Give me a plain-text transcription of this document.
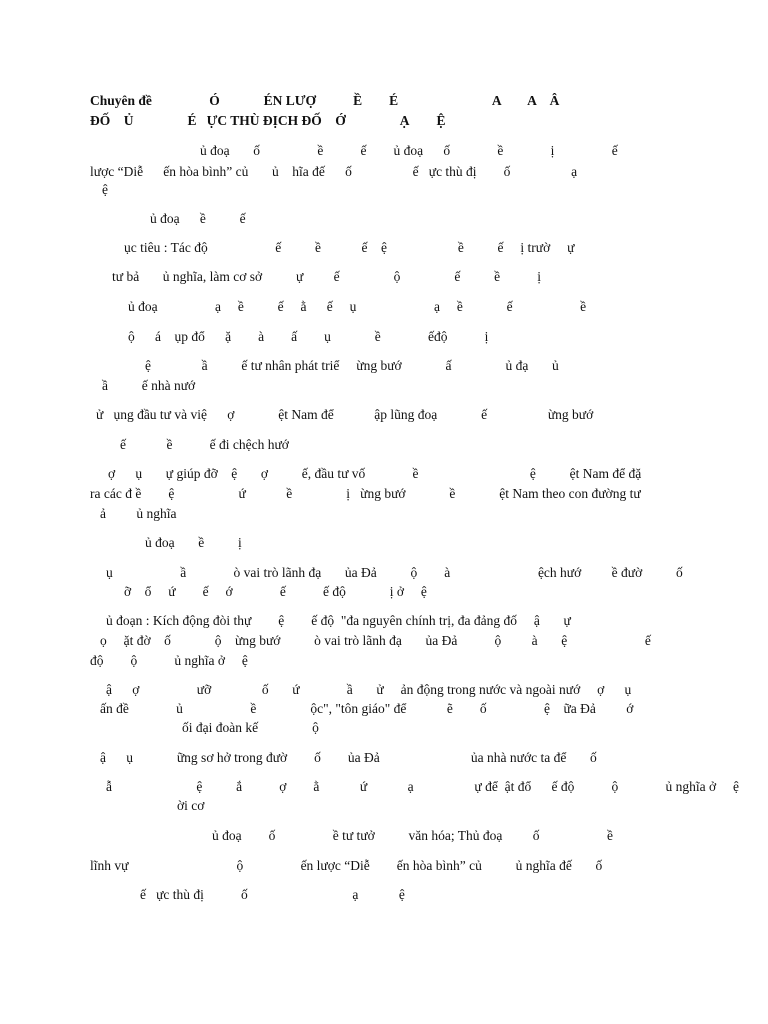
Chuyên đề                 Ó             ÉN LƯỢ           Ề        É                            A        A    Â
ĐỐ    Ủ                É   ỰC THÙ ĐỊCH ĐỐ    Ớ                Ạ        Ệ
ủ đoạ       ố                 ề           ế        ủ đoạ      ố              ề              ị                 ế
lược “Diễ      ến hòa bình” củ       ủ    hĩa đế      ố                  ế   ực thù đị        ố                  ạ
ệ
ủ đoạ      ề          ế
ục tiêu : Tác độ                    ế          ề            ế    ệ                     ề          ế     ị trườ     ự
tư bả       ủ nghĩa, làm cơ sở          ự         ế                ộ                ế          ề           ị
ủ đoạ                 ạ     ề          ế     ằ      ế     ụ                       ạ     ề             ế                    ề
ộ      á    ụp đổ      ặ        à        ấ        ụ             ề              ếđộ           ị
ệ               ầ          ế tư nhân phát triể     ừng bướ             ấ                ủ đạ       ủ
ầ          ế nhà nướ
ử   ụng đầu tư và việ      ợ             ệt Nam để            ập lũng đoạ             ế                  ừng bướ
ế            ề           ế đi chệch hướ
ợ      ụ       ự giúp đỡ    ệ       ợ          ế, đầu tư vố              ề                                 ệ          ệt Nam để đặ
ra các đ ề        ệ                   ứ            ề                ị   ừng bướ             ề             ệt Nam theo con đường tư
ả         ủ nghĩa
ủ đoạ       ề          ị
ụ                    ầ              ò vai trò lãnh đạ       ủa Đả          ộ        à                          ệch hướ         ề đườ          ố
ỡ    ổ     ứ        ế     ớ              ế           ế độ             ị ở     ệ
ủ đoạn : Kích động đòi thự        ệ        ế độ  "đa nguyên chính trị, đa đảng đố     ậ       ự
ọ     ặt đờ    ố             ộ    ừng bướ          ò vai trò lãnh đạ       ủa Đả           ộ         à       ệ                       ế
độ        ộ           ủ nghĩa ở     ệ
ậ      ợ                 ưỡ               ố       ứ              ầ       ử     ản động trong nước và ngoài nướ     ợ      ụ
ấn đề              ủ                    ề                ộc", "tôn giáo" để            ẽ        ố                 ệ    ữa Đả         ớ
ối đại đoàn kế                ộ
ậ      ụ             ững sơ hở trong đườ        ố        ủa Đả                           ủa nhà nước ta để       ố
ẫ                         ệ          ắ           ợ        ằ            ứ            ạ                  ự để  ật đổ      ế độ           ộ              ủ nghĩa ở     ệ
ời cơ
ủ đoạ        ố                 ề tư tưở          văn hóa; Thủ đoạ         ố                    ề
lĩnh vự                                ộ                 ến lược “Diễ        ến hòa bình” củ          ủ nghĩa đế       ố
ế   ực thù đị           ố                               ạ            ệ
